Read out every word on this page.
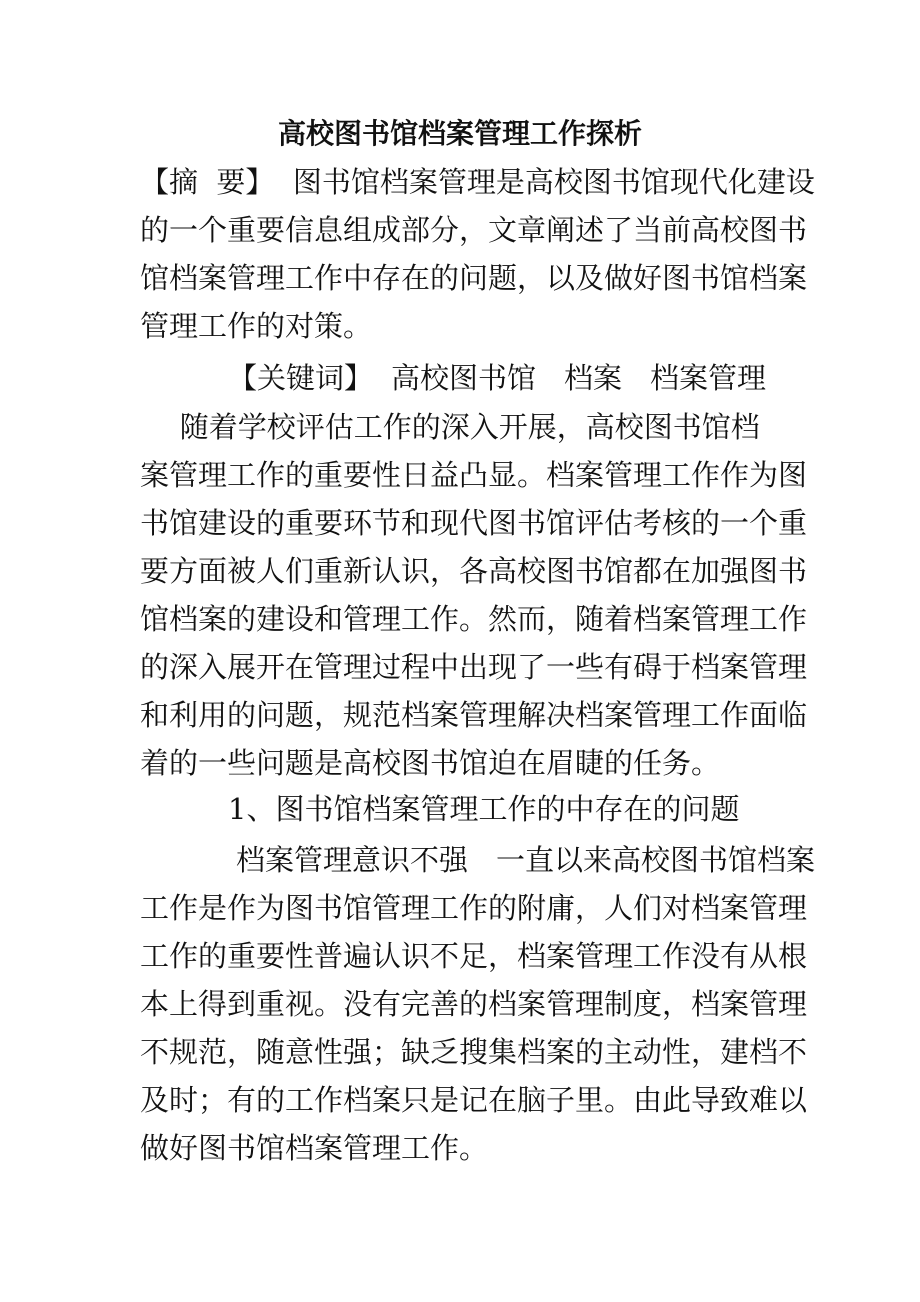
高校图书馆档案管理工作探析
【摘  要】  图书馆档案管理是高校图书馆现代化建设
的一个重要信息组成部分，文章阐述了当前高校图书
馆档案管理工作中存在的问题，以及做好图书馆档案
管理工作的对策。
【关键词】 高校图书馆 档案 档案管理
随着学校评估工作的深入开展，高校图书馆档
案管理工作的重要性日益凸显。档案管理工作作为图
书馆建设的重要环节和现代图书馆评估考核的一个重
要方面被人们重新认识，各高校图书馆都在加强图书
馆档案的建设和管理工作。然而，随着档案管理工作
的深入展开在管理过程中出现了一些有碍于档案管理
和利用的问题，规范档案管理解决档案管理工作面临
着的一些问题是高校图书馆迫在眉睫的任务。
1、图书馆档案管理工作的中存在的问题
档案管理意识不强 一直以来高校图书馆档案
工作是作为图书馆管理工作的附庸，人们对档案管理
工作的重要性普遍认识不足，档案管理工作没有从根
本上得到重视。没有完善的档案管理制度，档案管理
不规范，随意性强；缺乏搜集档案的主动性，建档不
及时；有的工作档案只是记在脑子里。由此导致难以
做好图书馆档案管理工作。
